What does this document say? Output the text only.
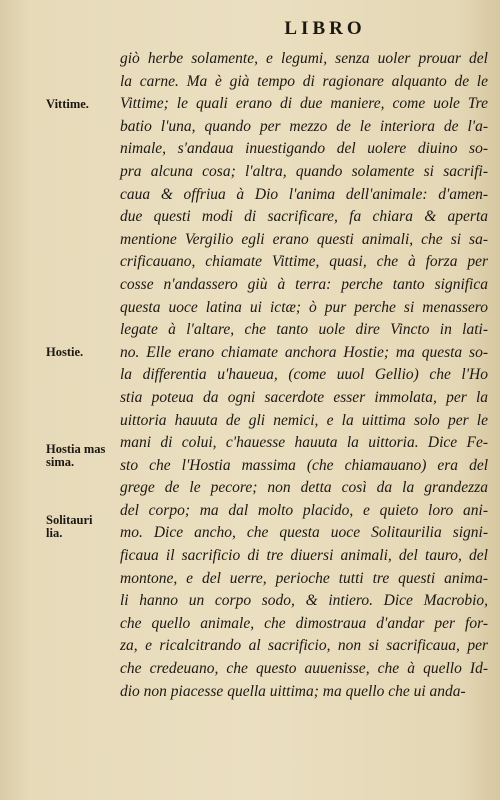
LIBRO
Vittime.
Hostie.
Hostia mas
sima.
Solitauri
lia.
giò herbe solamente, e legumi, senza uoler prouar del
la carne. Ma è già tempo di ragionare alquanto de le
Vittime; le quali erano di due maniere, come uole Tre
batio l'una, quando per mezzo de le interiora de l'a-
nimale, s'andaua inuestigando del uolere diuino so-
pra alcuna cosa; l'altra, quando solamente si sacrifi-
caua & offriua à Dio l'anima dell'animale: d'amen-
due questi modi di sacrificare, fa chiara & aperta
mentione Vergilio egli erano questi animali, che si sa-
crificauano, chiamate Vittime, quasi, che à forza per
cosse n'andassero giù à terra: perche tanto significa
questa uoce latina ui ictæ; ò pur perche si menassero
legate à l'altare, che tanto uole dire Vincto in lati-
no. Elle erano chiamate anchora Hostie; ma questa so-
la differentia u'haueua, (come uuol Gellio) che l'Ho
stia poteua da ogni sacerdote esser immolata, per la
uittoria hauuta de gli nemici, e la uittima solo per le
mani di colui, c'hauesse hauuta la uittoria. Dice Fe-
sto che l'Hostia massima (che chiamauano) era del
grege de le pecore; non detta così da la grandezza
del corpo; ma dal molto placido, e quieto loro ani-
mo. Dice ancho, che questa uoce Solitaurilia signi-
ficaua il sacrificio di tre diuersi animali, del tauro, del
montone, e del uerre, perioche tutti tre questi anima-
li hanno un corpo sodo, & intiero. Dice Macrobio,
che quello animale, che dimostraua d'andar per for-
za, e ricalcitrando al sacrificio, non si sacrificaua, per
che credeuano, che questo auuenisse, che à quello Id-
dio non piacesse quella uittima; ma quello che ui anda-
